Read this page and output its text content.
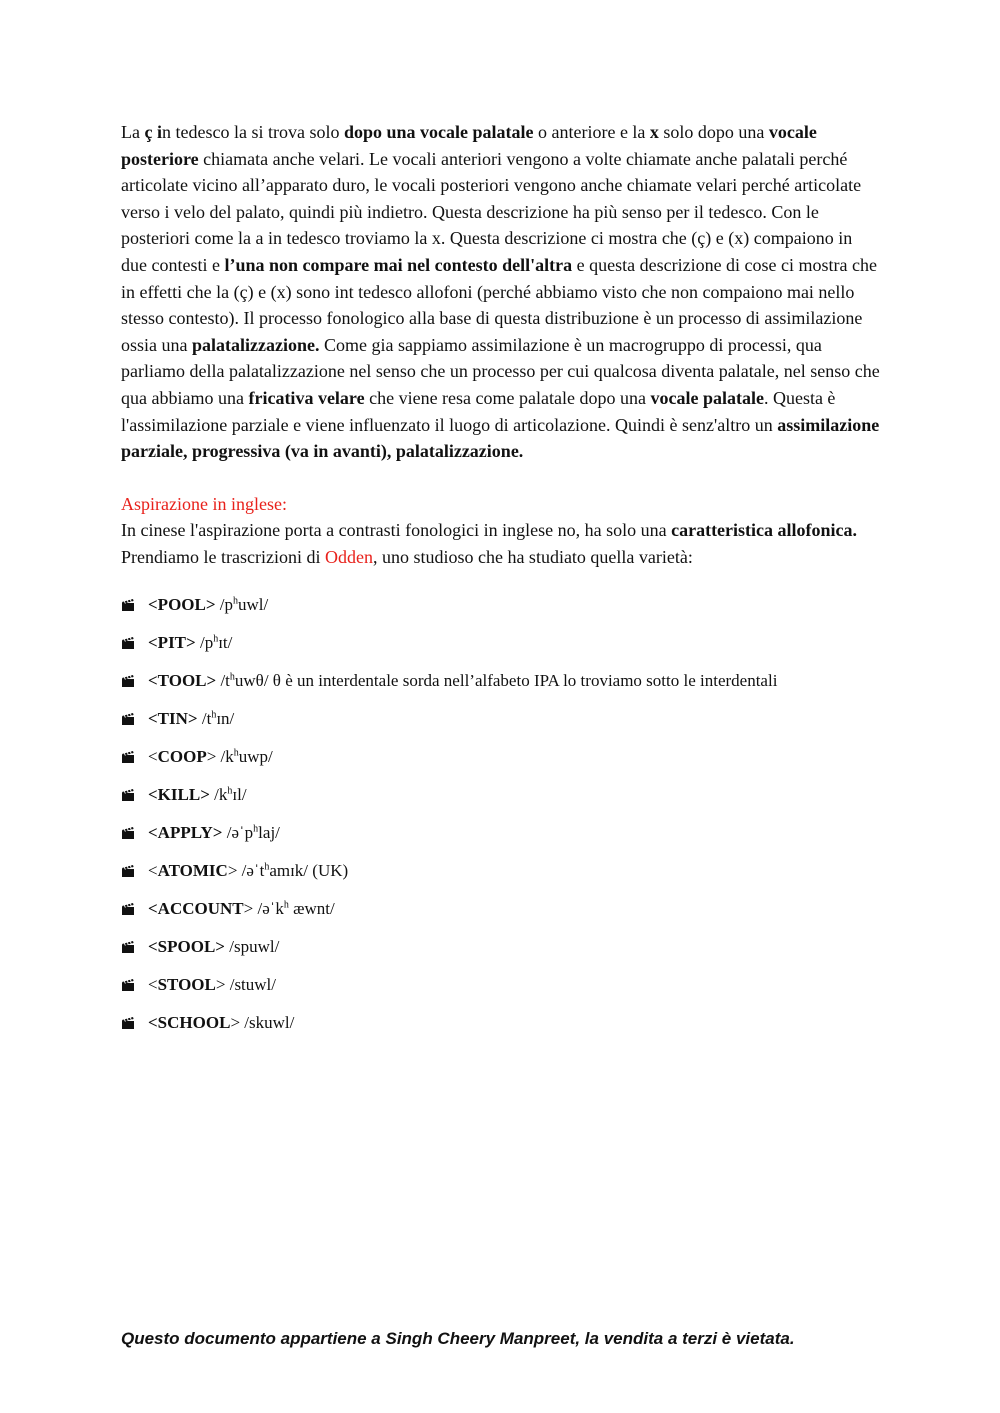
La ç in tedesco la si trova solo dopo una vocale palatale o anteriore e la x solo dopo una vocale posteriore chiamata anche velari. Le vocali anteriori vengono a volte chiamate anche palatali perché articolate vicino all’apparato duro, le vocali posteriori vengono anche chiamate velari perché articolate verso i velo del palato, quindi più indietro. Questa descrizione ha più senso per il tedesco. Con le posteriori come la a in tedesco troviamo la x. Questa descrizione ci mostra che (ç) e (x) compaiono in due contesti e l’una non compare mai nel contesto dell'altra e questa descrizione di cose ci mostra che in effetti che la (ç) e (x) sono int tedesco allofoni (perché abbiamo visto che non compaiono mai nello stesso contesto). Il processo fonologico alla base di questa distribuzione è un processo di assimilazione ossia una palatalizzazione. Come gia sappiamo assimilazione è un macrogruppo di processi, qua parliamo della palatalizzazione nel senso che un processo per cui qualcosa diventa palatale, nel senso che qua abbiamo una fricativa velare che viene resa come palatale dopo una vocale palatale. Questa è l'assimilazione parziale e viene influenzato il luogo di articolazione. Quindi è senz'altro un assimilazione parziale, progressiva (va in avanti), palatalizzazione.

Aspirazione in inglese:

In cinese l'aspirazione porta a contrasti fonologici in inglese no, ha solo una caratteristica allofonica. Prendiamo le trascrizioni di Odden, uno studioso che ha studiato quella varietà:

<POOL> $/p^huwl/$
$<PIT> /p^hɪt/$
<TOOL> $/t^huw\theta/$ θ è un interdentale sorda nell’alfabeto IPA lo troviamo sotto le interdentali
$<TIN> /t^hɪn/$
<COOP> $/k^huwp/$
<KILL> $/k^hɪl/$
<APPLY> /əˈp$^h$laj/
<ATOMIC> /əˈt$^h$amɪk/ (UK)
<ACCOUNT> /əˈk$^h$ æwnt/
<SPOOL> /spuwl/
<STOOL> /stuwl/
<SCHOOL> /skuwl/
Questo documento appartiene a Singh Cheery Manpreet, la vendita a terzi è vietata.
